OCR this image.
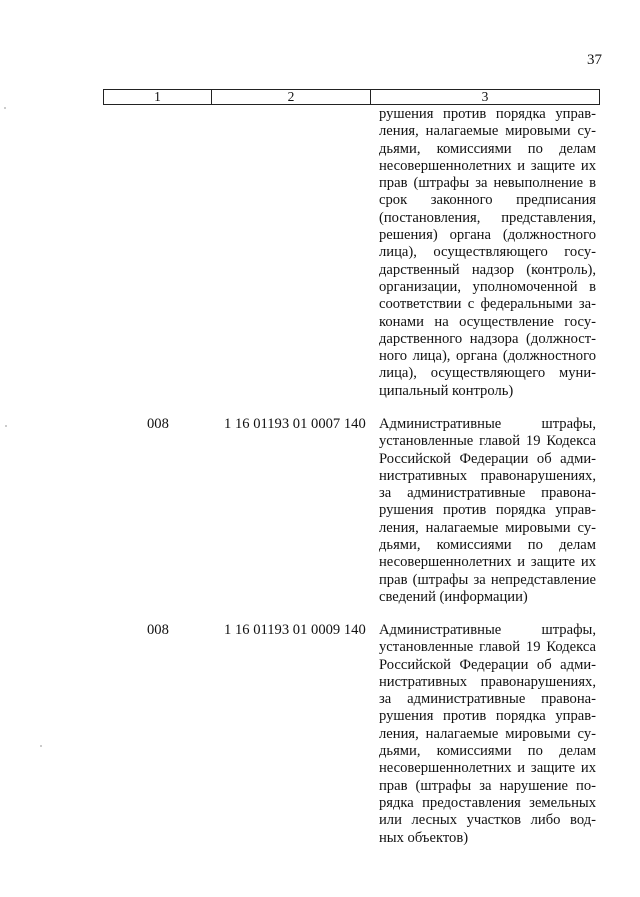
37
1	2	3
рушения против порядка управ-
ления, налагаемые мировыми су-
дьями, комиссиями по делам
несовершеннолетних и защите их
прав (штрафы за невыполнение в
срок законного предписания
(постановления, представления,
решения) органа (должностного
лица), осуществляющего госу-
дарственный надзор (контроль),
организации, уполномоченной в
соответствии с федеральными за-
конами на осуществление госу-
дарственного надзора (должност-
ного лица), органа (должностного
лица), осуществляющего муни-
ципальный контроль)
008	1 16 01193 01 0007 140 Административные штрафы,
установленные главой 19 Кодекса
Российской Федерации об адми-
нистративных правонарушениях,
за административные правона-
рушения против порядка управ-
ления, налагаемые мировыми су-
дьями, комиссиями по делам
несовершеннолетних и защите их
прав (штрафы за непредставление
сведений (информации)
008	1 16 01193 01 0009 140 Административные штрафы,
установленные главой 19 Кодекса
Российской Федерации об адми-
нистративных правонарушениях,
за административные правона-
рушения против порядка управ-
ления, налагаемые мировыми су-
дьями, комиссиями по делам
несовершеннолетних и защите их
прав (штрафы за нарушение по-
рядка предоставления земельных
или лесных участков либо вод-
ных объектов)
